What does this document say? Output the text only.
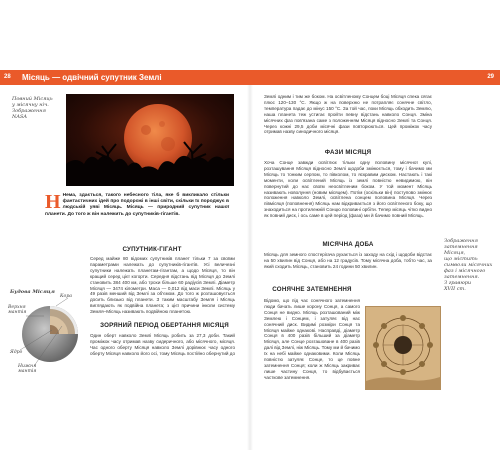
28 Місяць — одвічний супутник Землі	29
Повний Місяць
у місячну ніч.
Зображення
NASA
Н Нема, здається, такого небесного тіла, яке б викликало стільки фантастичних ідей про подорожі в інші світи, скільки їх породжує в людській уяві Місяць. Місяць — природний супутник нашої планети. До того ж він належить до супутників-гігантів.
СУПУТНИК-ГІГАНТ
Серед майже 80 відомих супутників планет тільки 7 за своїми параметрами належать до супутників-гігантів. Усі величезні супутники належать планетам-гігантам, а щодо Місяця, то він кращий серед цієї когорти. Середня відстань від Місяця до Землі становить 384 400 км, або трохи більше 60 радіусів Землі. Діаметр Місяця — 3474 кілометри. Маса — 0,012 від маси Землі. Місяць у 49 разів менший від Землі за об'ємом. До того ж розташовується досить близько від планети. З таким масштабу Земля і Місяць виглядають як подвійна планета; з цієї причини інколи систему Земля–Місяць називають подвійною планетою.
ЗОРЯНИЙ ПЕРІОД ОБЕРТАННЯ МІСЯЦЯ
Один оберт навколо Землі Місяць робить за 27,3 доби. Такий проміжок часу отримав назву сидеричного, або місячного, місяця. Час одного оберту Місяця навколо Землі дорівнює часу одного оберту Місяця навколо його осі, тому Місяць постійно обернутий до
Будова Місяця
Кора
Верхня мантія
Ядро
Нижня мантія
Землі одним і тим же боком. На освітленому Сонцем боці Місяця спека сягає плюс 120–130 °С. Якщо ж на поверхню не потрапляє сонячне світло, температура падає до мінус 150 °С. За той час, поки Місяць обходить Землю, наша планета теж устигає пройти певну відстань навколо Сонця. Зміна місячних фаз пов'язана саме з положенням Місяця відносно Землі та Сонця. Через кожні 29,5 доби місячні фази повторюються. Цей проміжок часу отримав назву синодичного місяця.
ФАЗИ МІСЯЦЯ
Хоча Сонце завжди освітлює тільки одну половину місячної кулі, розташування Місяця відносно Землі щодоби змінюється, тому і бачимо ми Місяць то тонким серпом, то півколом, то яскравим диском. Настають і такі моменти, коли освітлений Місяць із землі повністю невидимою, він повернутий до нас своїм неосвітленим боком. У той момент Місяць називають новолуння (новим місяцем). Потім (оскільки він) поступово змінює положення навколо Землі, освітлена сонцем половина Місяця. Через півмісяця (поповнення) Місяць нам відкривається з його освітленого боку, що знаходиться на протилежній Сонцю половині орбіти. Тепер місяць чітко видно як повний диск, і ось саме в цей період (фаза) ми й бачимо повний Місяць.
МІСЯЧНА ДОБА
Місяць для земного спостерігача рухається із заходу на схід і щодоби відстає на 50 хвилин від Сонця, або на 12 градусів. Тому місячна доба, тобто час, за який сходить Місяць, становить 24 години 50 хвилин.
СОНЯЧНЕ ЗАТЕМНЕННЯ
Відомо, що під час сонячного затемнення люди бачать лише корону Сонця, а самого Сонця не видно. Місяць розташований між Землею і Сонцем, і затуляє від нас сонячний диск. Видимі розміри Сонця та Місяця майже однакові. Насправді, діаметр Сонця в 400 разів більший за діаметр Місяця, але Сонце розташоване в 400 разів далі від Землі, ніж Місяць. Тому ми й бачимо їх на небі майже однаковими. Коли Місяць повністю затуляє Сонце, то це повне затемнення Сонця; коли ж Місяць закриває лише частину Сонця, то відбувається часткове затемнення.
Зображення
затемнення Місяця,
що містить
символи місячних
фаз і місячного
затемнення.
З гравюри
XVII ст.
